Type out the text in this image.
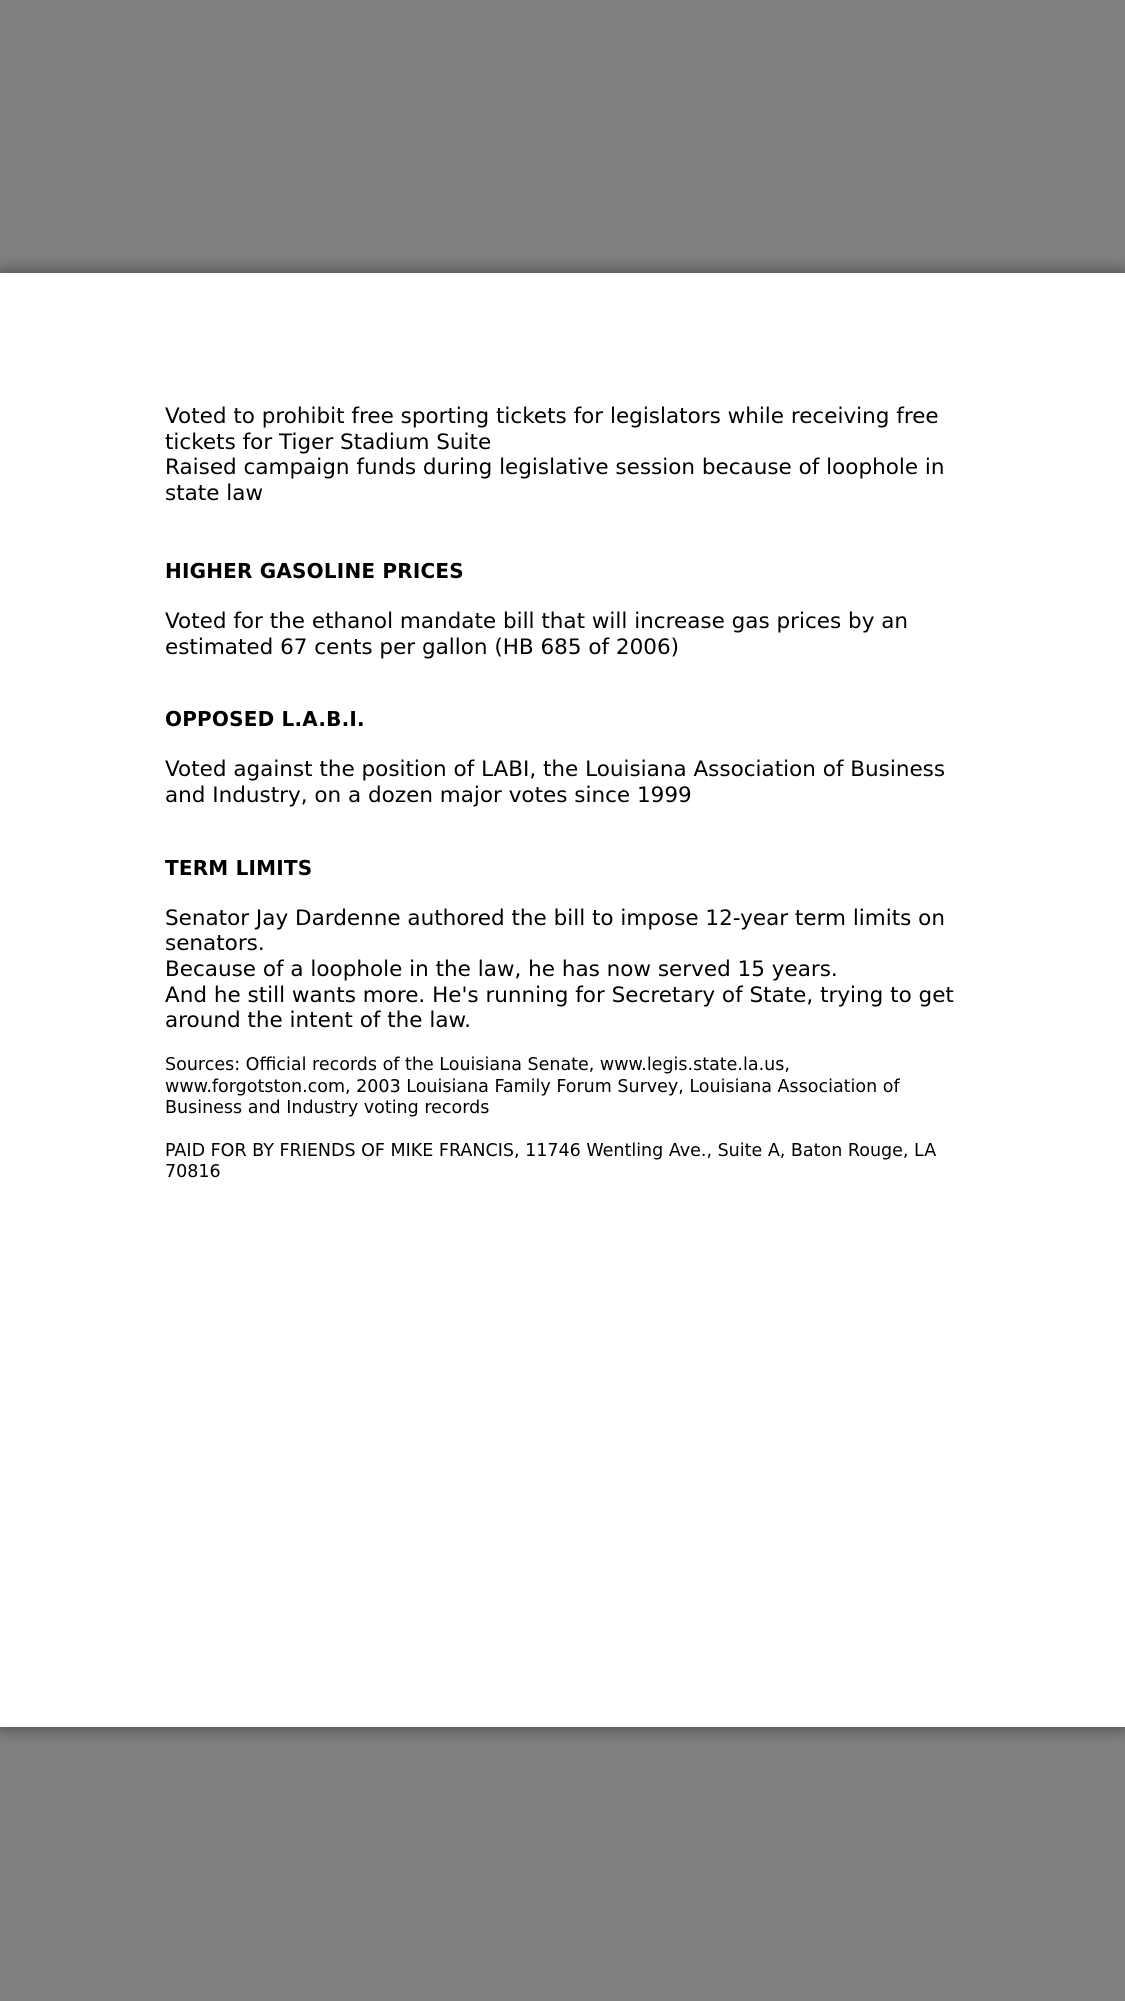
Voted to prohibit free sporting tickets for legislators while receiving free tickets for Tiger Stadium Suite
Raised campaign funds during legislative session because of loophole in state law

HIGHER GASOLINE PRICES

Voted for the ethanol mandate bill that will increase gas prices by an estimated 67 cents per gallon (HB 685 of 2006)

OPPOSED L.A.B.I.

Voted against the position of LABI, the Louisiana Association of Business and Industry, on a dozen major votes since 1999

TERM LIMITS

Senator Jay Dardenne authored the bill to impose 12-year term limits on senators.
Because of a loophole in the law, he has now served 15 years.
And he still wants more. He's running for Secretary of State, trying to get around the intent of the law.

Sources: Official records of the Louisiana Senate, www.legis.state.la.us, www.forgotston.com, 2003 Louisiana Family Forum Survey, Louisiana Association of Business and Industry voting records

PAID FOR BY FRIENDS OF MIKE FRANCIS, 11746 Wentling Ave., Suite A, Baton Rouge, LA 70816
